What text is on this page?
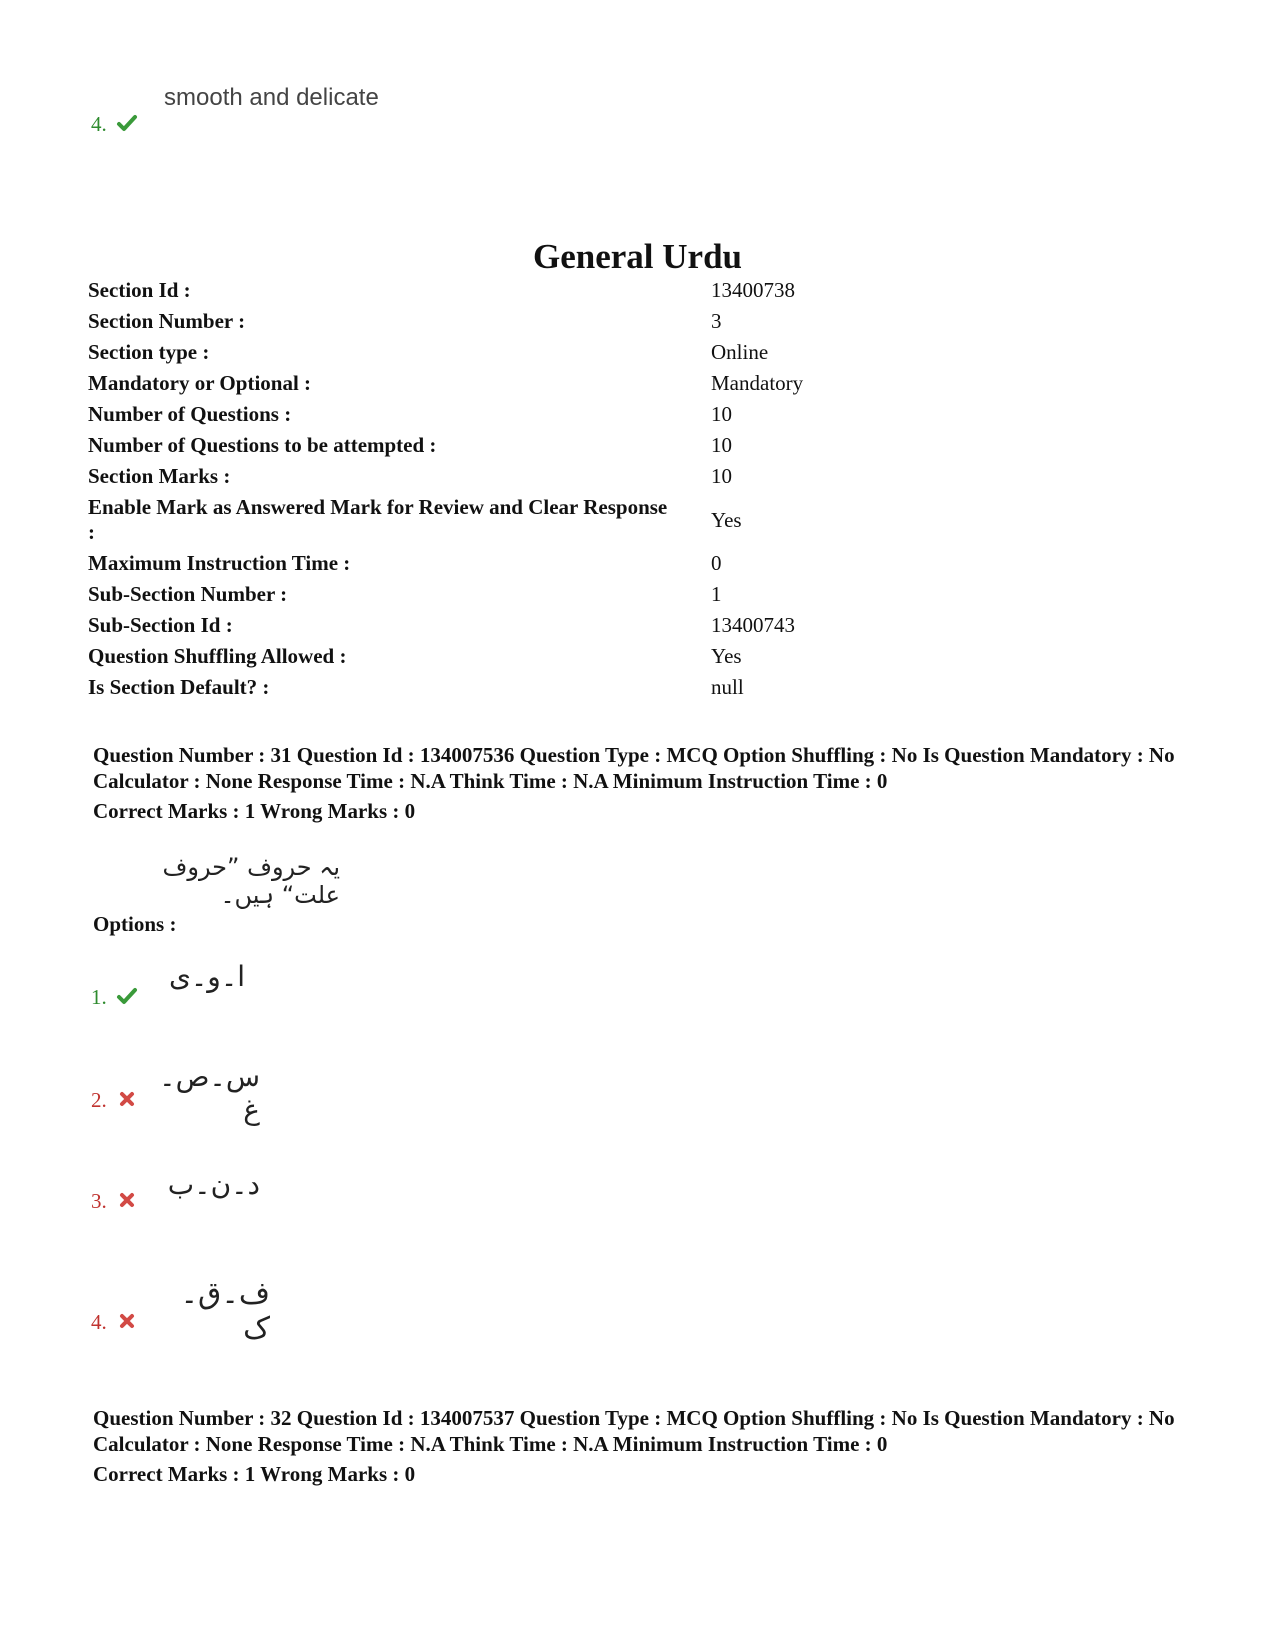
4.
smooth and delicate
General Urdu
Section Id :	13400738
Section Number :	3
Section type :	Online
Mandatory or Optional :	Mandatory
Number of Questions :	10
Number of Questions to be attempted :	10
Section Marks :	10
Enable Mark as Answered Mark for Review and Clear Response :	Yes
Maximum Instruction Time :	0
Sub-Section Number :	1
Sub-Section Id :	13400743
Question Shuffling Allowed :	Yes
Is Section Default? :	null
Question Number : 31 Question Id : 134007536 Question Type : MCQ Option Shuffling : No Is Question Mandatory : No Calculator : None Response Time : N.A Think Time : N.A Minimum Instruction Time : 0
Correct Marks : 1 Wrong Marks : 0
یہ حروف ”حروف علت“ ہیں۔
Options :
1.
ا۔و۔ی
2.
س۔ص۔غ
3.	د۔ن۔ب
4.
ف۔ق۔ک
Question Number : 32 Question Id : 134007537 Question Type : MCQ Option Shuffling : No Is Question Mandatory : No Calculator : None Response Time : N.A Think Time : N.A Minimum Instruction Time : 0
Correct Marks : 1 Wrong Marks : 0
